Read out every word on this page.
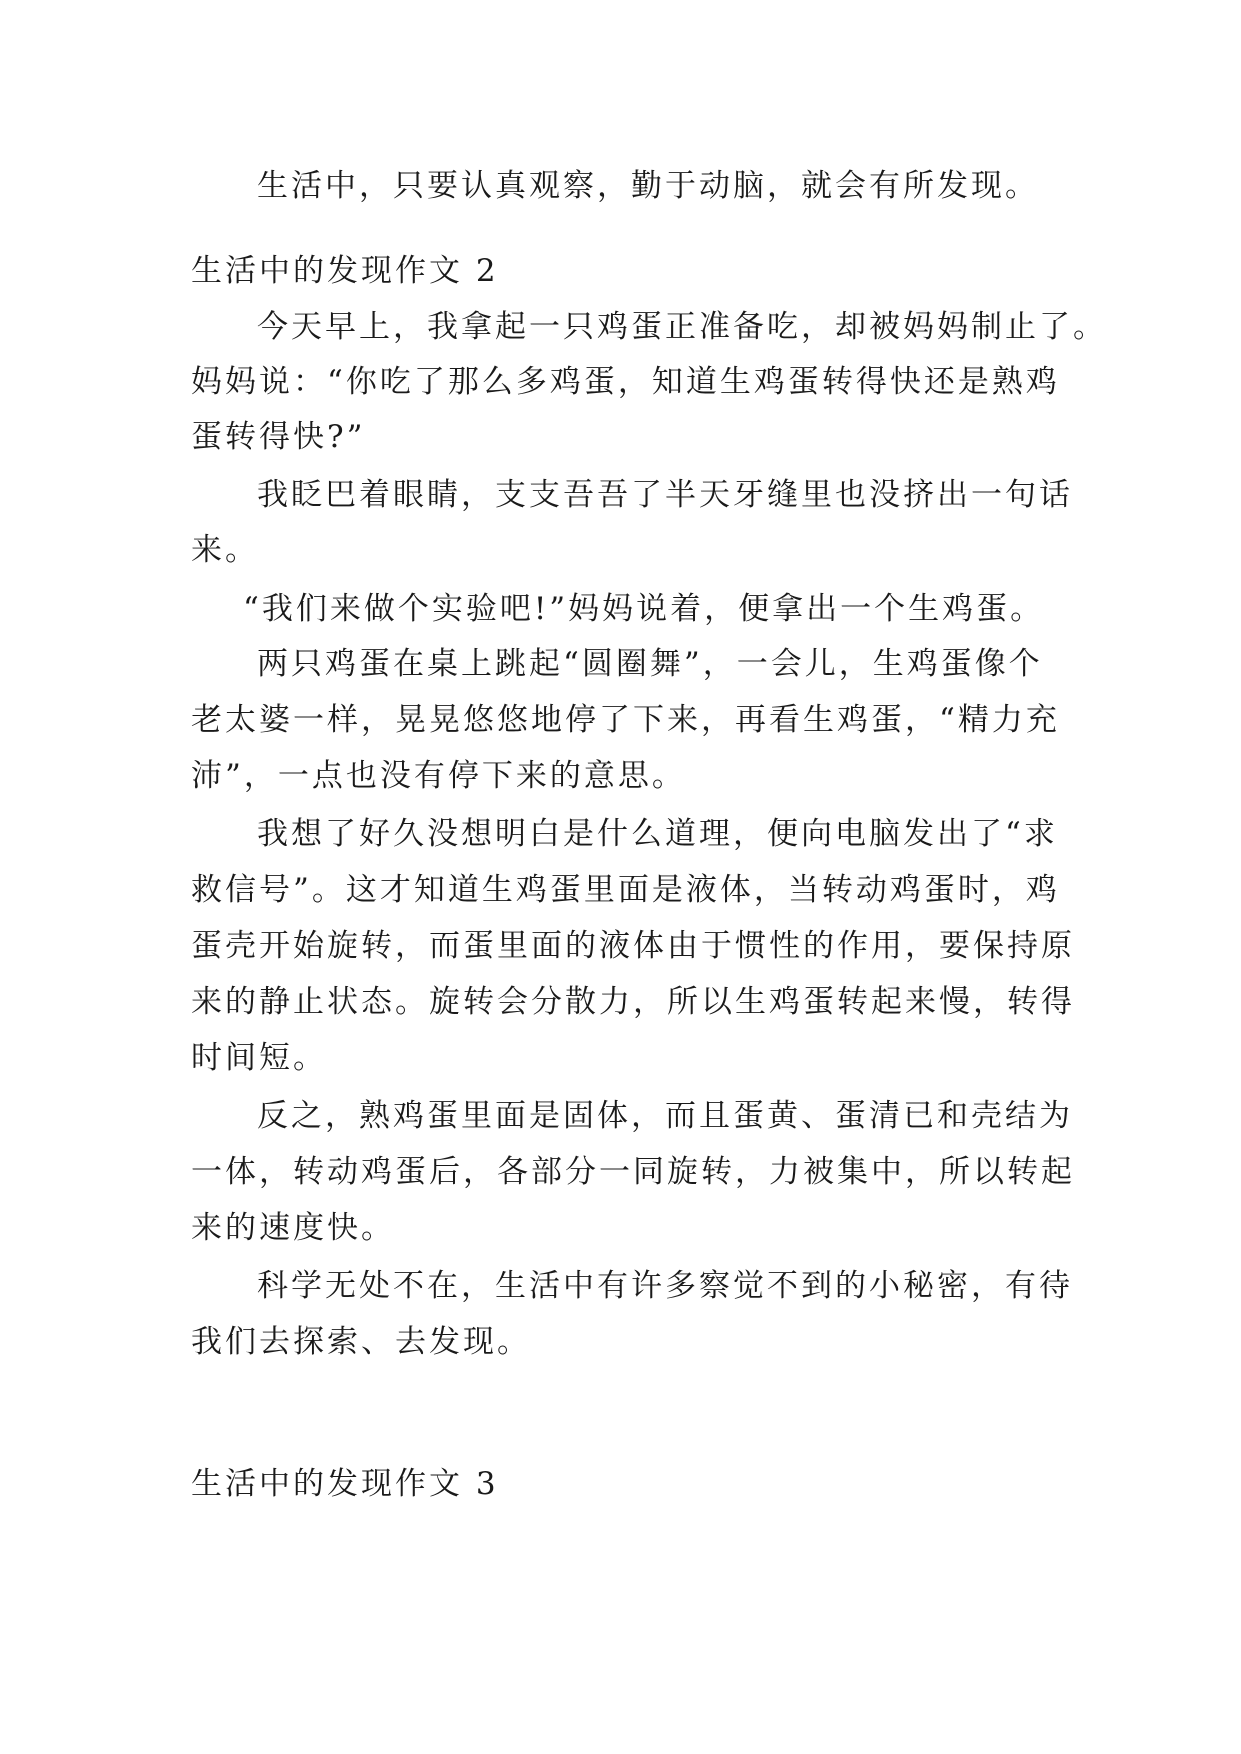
生活中，只要认真观察，勤于动脑，就会有所发现。
生活中的发现作文 2
今天早上，我拿起一只鸡蛋正准备吃，却被妈妈制止了。
妈妈说：“你吃了那么多鸡蛋，知道生鸡蛋转得快还是熟鸡
蛋转得快?”
我眨巴着眼睛，支支吾吾了半天牙缝里也没挤出一句话
来。
“我们来做个实验吧!”妈妈说着，便拿出一个生鸡蛋。
两只鸡蛋在桌上跳起“圆圈舞”，一会儿，生鸡蛋像个
老太婆一样，晃晃悠悠地停了下来，再看生鸡蛋，“精力充
沛”，一点也没有停下来的意思。
我想了好久没想明白是什么道理，便向电脑发出了“求
救信号”。这才知道生鸡蛋里面是液体，当转动鸡蛋时，鸡
蛋壳开始旋转，而蛋里面的液体由于惯性的作用，要保持原
来的静止状态。旋转会分散力，所以生鸡蛋转起来慢，转得
时间短。
反之，熟鸡蛋里面是固体，而且蛋黄、蛋清已和壳结为
一体，转动鸡蛋后，各部分一同旋转，力被集中，所以转起
来的速度快。
科学无处不在，生活中有许多察觉不到的小秘密，有待
我们去探索、去发现。
生活中的发现作文 3
